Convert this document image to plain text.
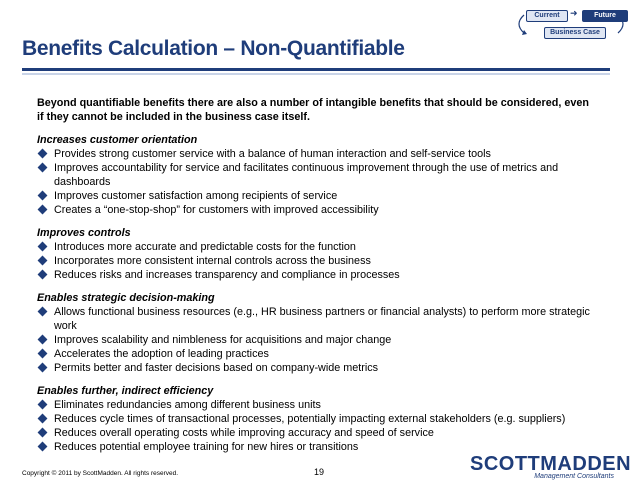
Current	➜	Future
Business Case
Benefits Calculation – Non-Quantifiable
Beyond quantifiable benefits there are also a number of intangible benefits that should be considered, even if they cannot be included in the business case itself.
Increases customer orientation
Provides strong customer service with a balance of human interaction and self-service tools
Improves accountability for service and facilitates continuous improvement through the use of metrics and dashboards
Improves customer satisfaction among recipients of service
Creates a “one-stop-shop” for customers with improved accessibility
Improves controls
Introduces more accurate and predictable costs for the function
Incorporates more consistent internal controls across the business
Reduces risks and increases transparency and compliance in processes
Enables strategic decision-making
Allows functional business resources (e.g., HR business partners or financial analysts) to perform more strategic work
Improves scalability and nimbleness for acquisitions and major change
Accelerates the adoption of leading practices
Permits better and faster decisions based on company-wide metrics
Enables further, indirect efficiency
Eliminates redundancies among different business units
Reduces cycle times of transactional processes, potentially impacting external stakeholders (e.g. suppliers)
Reduces overall operating costs while improving accuracy and speed of service
Reduces potential employee training for new hires or transitions
Copyright © 2011 by ScottMadden. All rights reserved.	19	SCOTTMADDEN
Management Consultants
